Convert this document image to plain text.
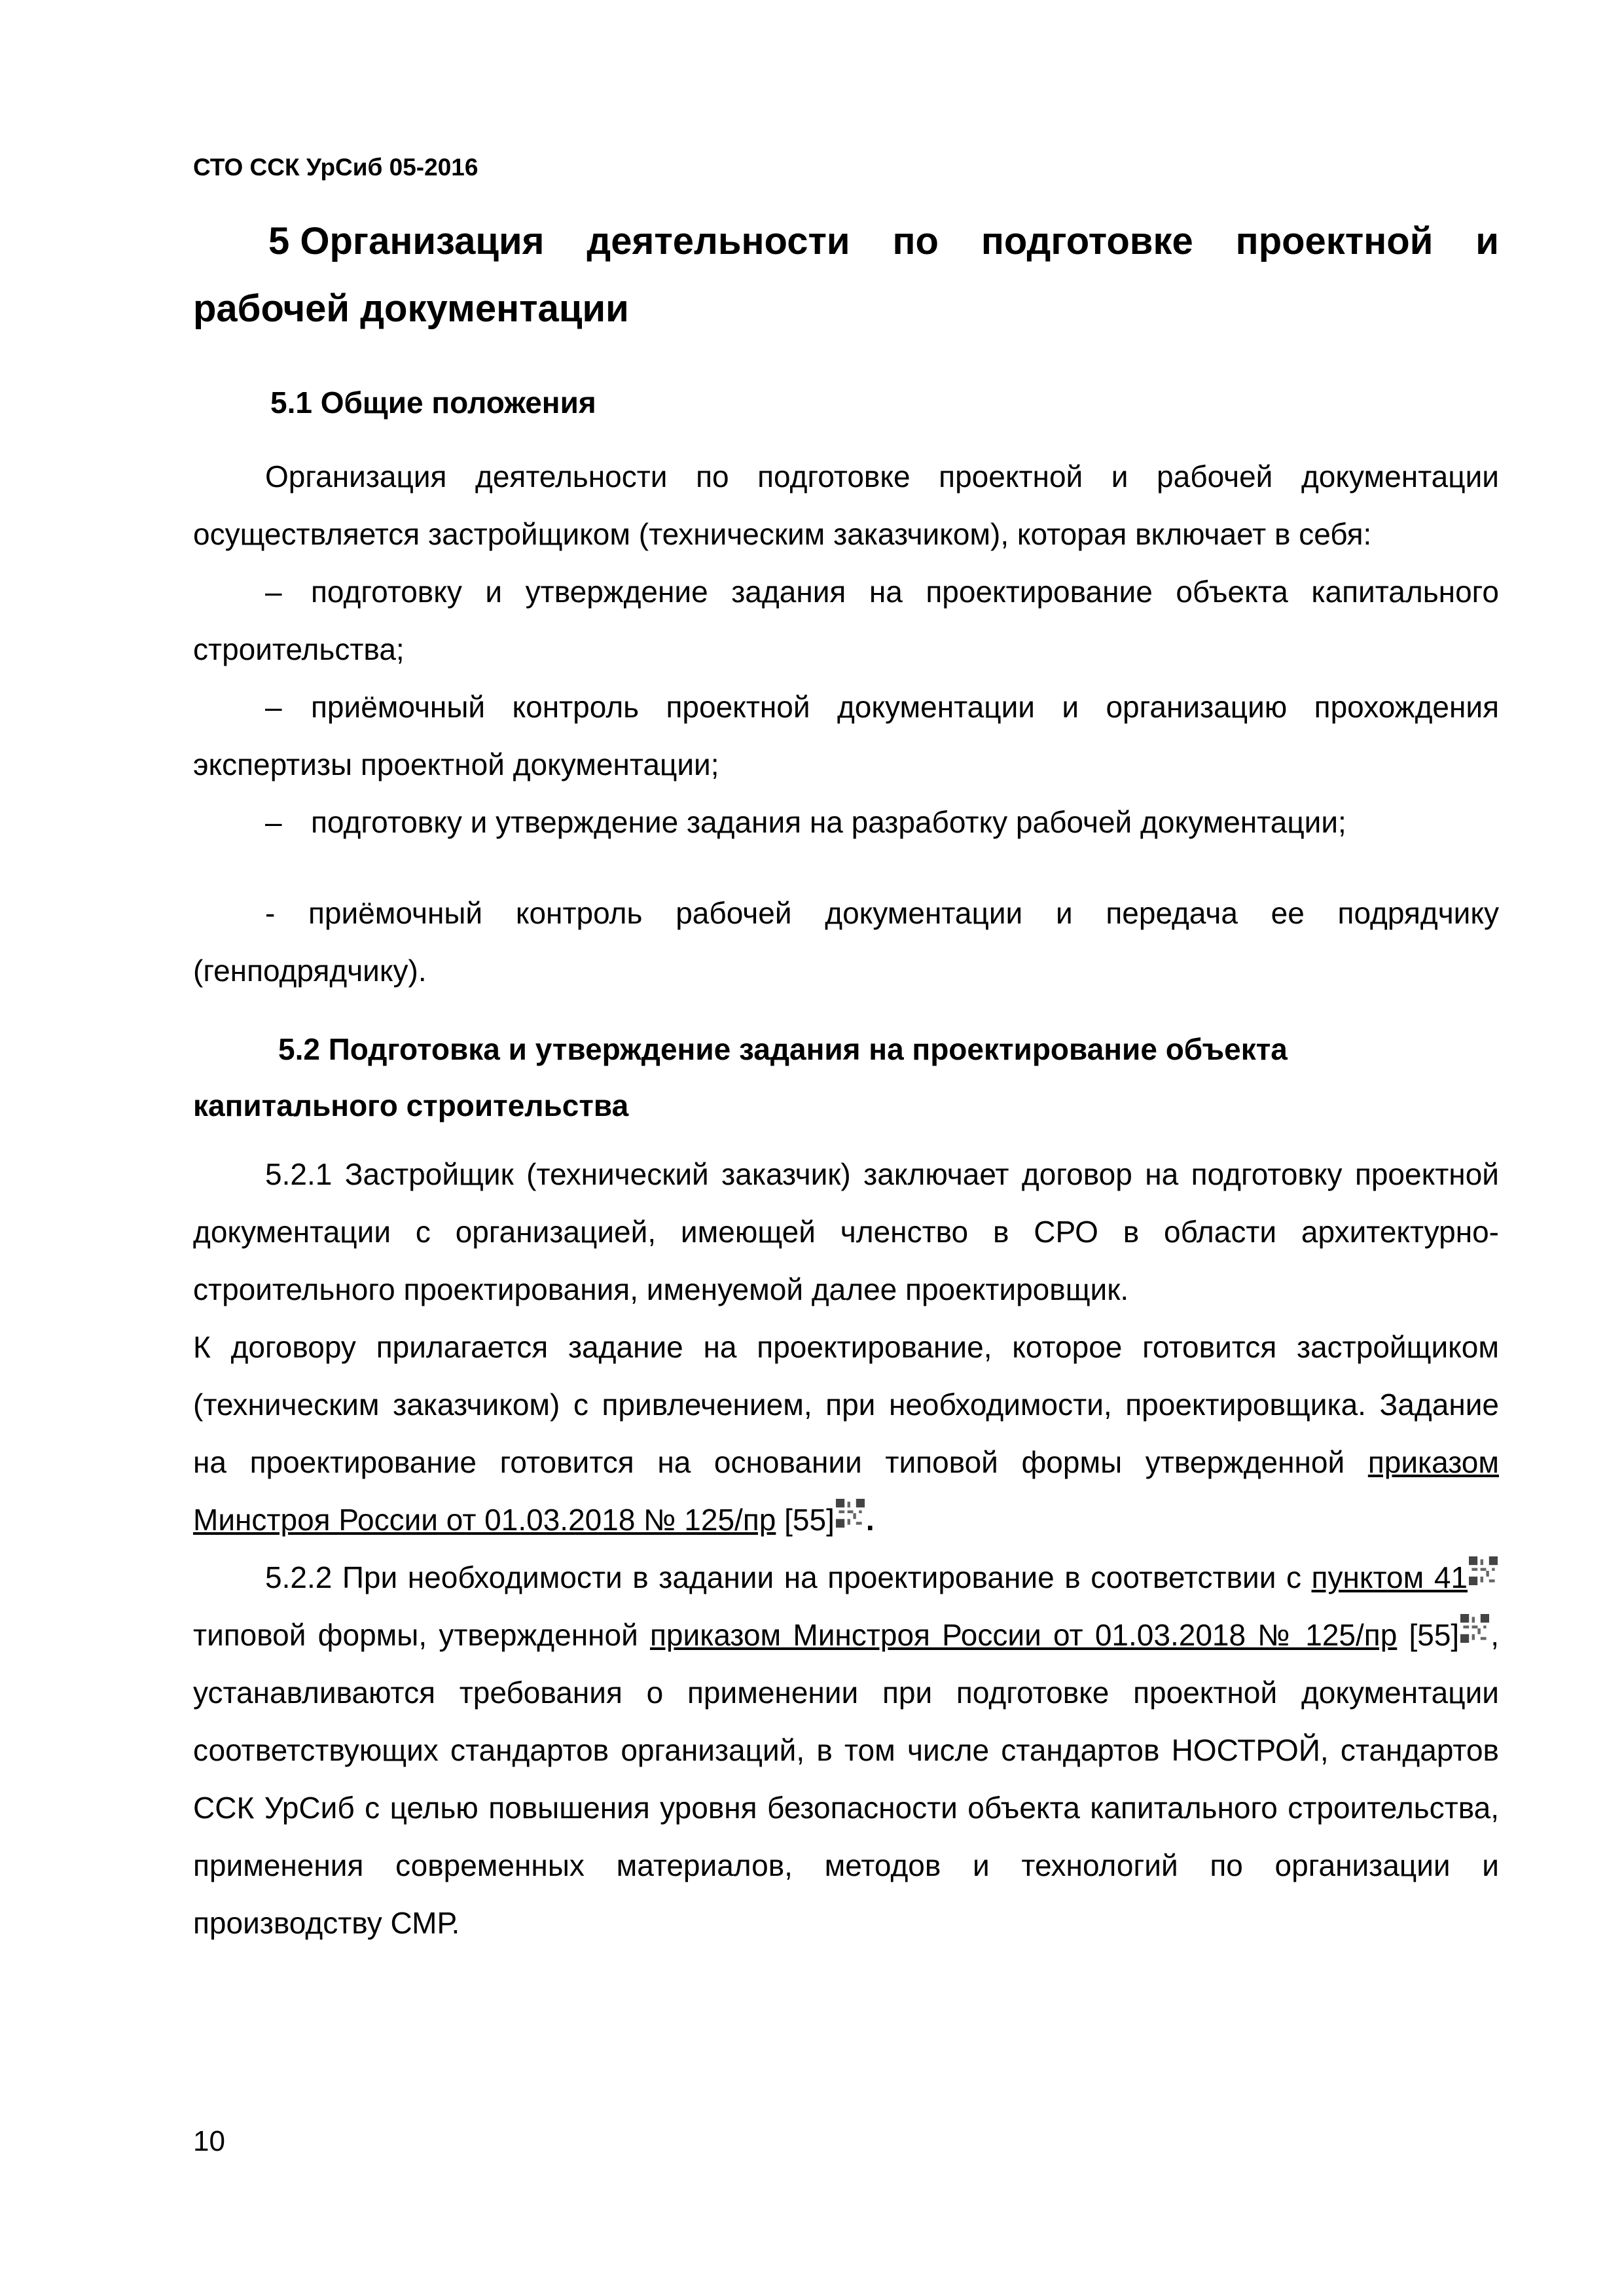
СТО ССК УрСиб 05-2016
5 Организация деятельности по подготовке проектной и
рабочей документации
5.1 Общие положения

Организация деятельности по подготовке проектной и рабочей документации осуществляется застройщиком (техническим заказчиком), которая включает в себя:

– подготовку и утверждение задания на проектирование объекта капитального строительства;

– приёмочный контроль проектной документации и организацию прохождения экспертизы проектной документации;

– подготовку и утверждение задания на разработку рабочей документации;

- приёмочный контроль рабочей документации и передача ее подрядчику (генподрядчику).

5.2 Подготовка и утверждение задания на проектирование объекта
капитального строительства

5.2.1 Застройщик (технический заказчик) заключает договор на подготовку проектной документации с организацией, имеющей членство в СРО в области архитектурно-строительного проектирования, именуемой далее проектировщик.

К договору прилагается задание на проектирование, которое готовится застройщиком (техническим заказчиком) с привлечением, при необходимости, проектировщика. Задание на проектирование готовится на основании типовой формы утвержденной приказом Минстроя России от 01.03.2018 № 125/пр [55] .

5.2.2 При необходимости в задании на проектирование в соответствии с пунктом 41 типовой формы, утвержденной приказом Минстроя России от 01.03.2018 № 125/пр [55] , устанавливаются требования о применении при подготовке проектной документации соответствующих стандартов организаций, в том числе стандартов НОСТРОЙ, стандартов ССК УрСиб с целью повышения уровня безопасности объекта капитального строительства, применения современных материалов, методов и технологий по организации и производству СМР.

10
